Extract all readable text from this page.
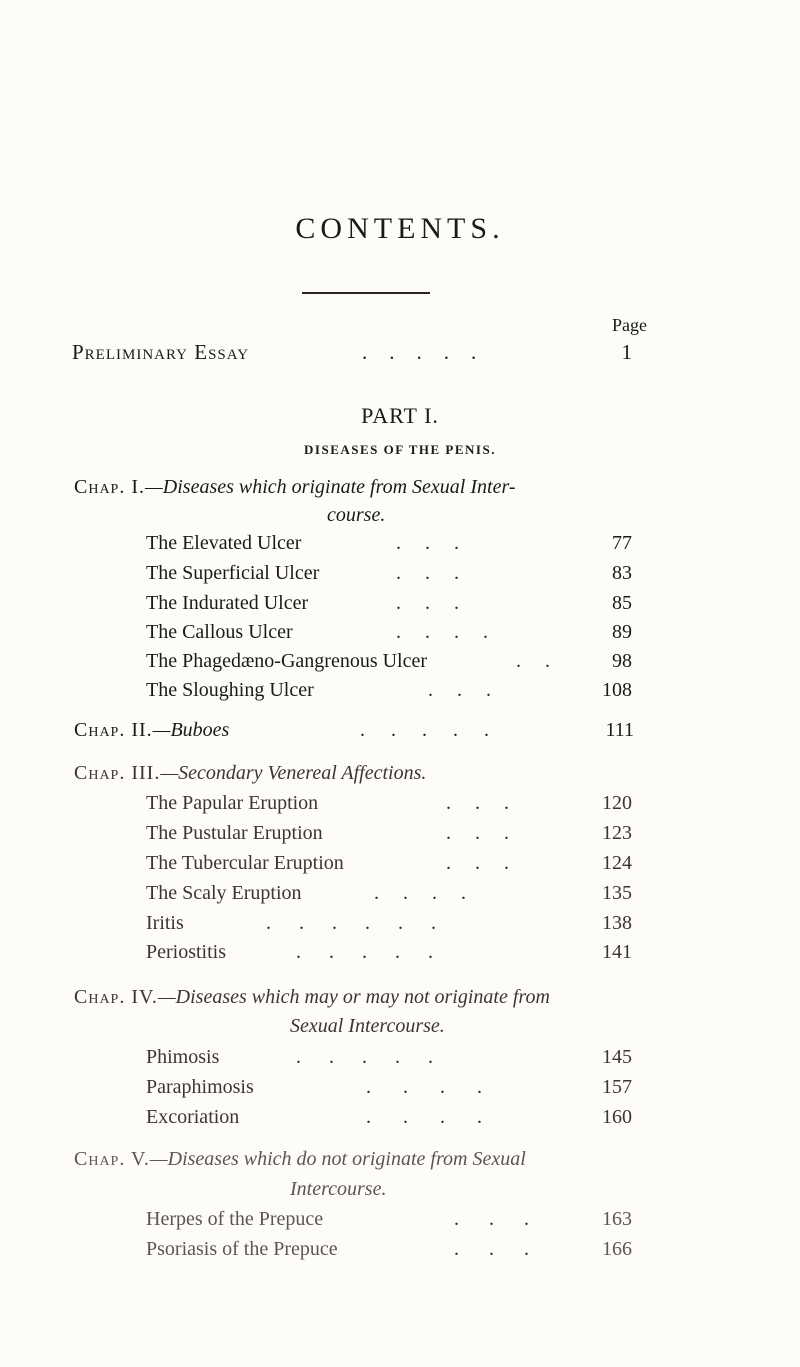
CONTENTS.
Page
Preliminary Essay	.....	1
PART I.
DISEASES OF THE PENIS.
Chap. I.—Diseases which originate from Sexual Inter-
course.
The Elevated Ulcer	...	77
The Superficial Ulcer	...	83
The Indurated Ulcer	...	85
The Callous Ulcer	....	89
The Phagedæno-Gangrenous Ulcer	.. 98
The Sloughing Ulcer	...	108
Chap. II.—Buboes	.....	111
Chap. III.—Secondary Venereal Affections.
The Papular Eruption	...	120
The Pustular Eruption	...	123
The Tubercular Eruption	...	124
The Scaly Eruption	....	135
Iritis	......	138
Periostitis	.....	141
Chap. IV.—Diseases which may or may not originate from
Sexual Intercourse.
Phimosis	.....	145
Paraphimosis	....	157
Excoriation	....	160
Chap. V.—Diseases which do not originate from Sexual
Intercourse.
Herpes of the Prepuce	... 163
Psoriasis of the Prepuce	... 166
